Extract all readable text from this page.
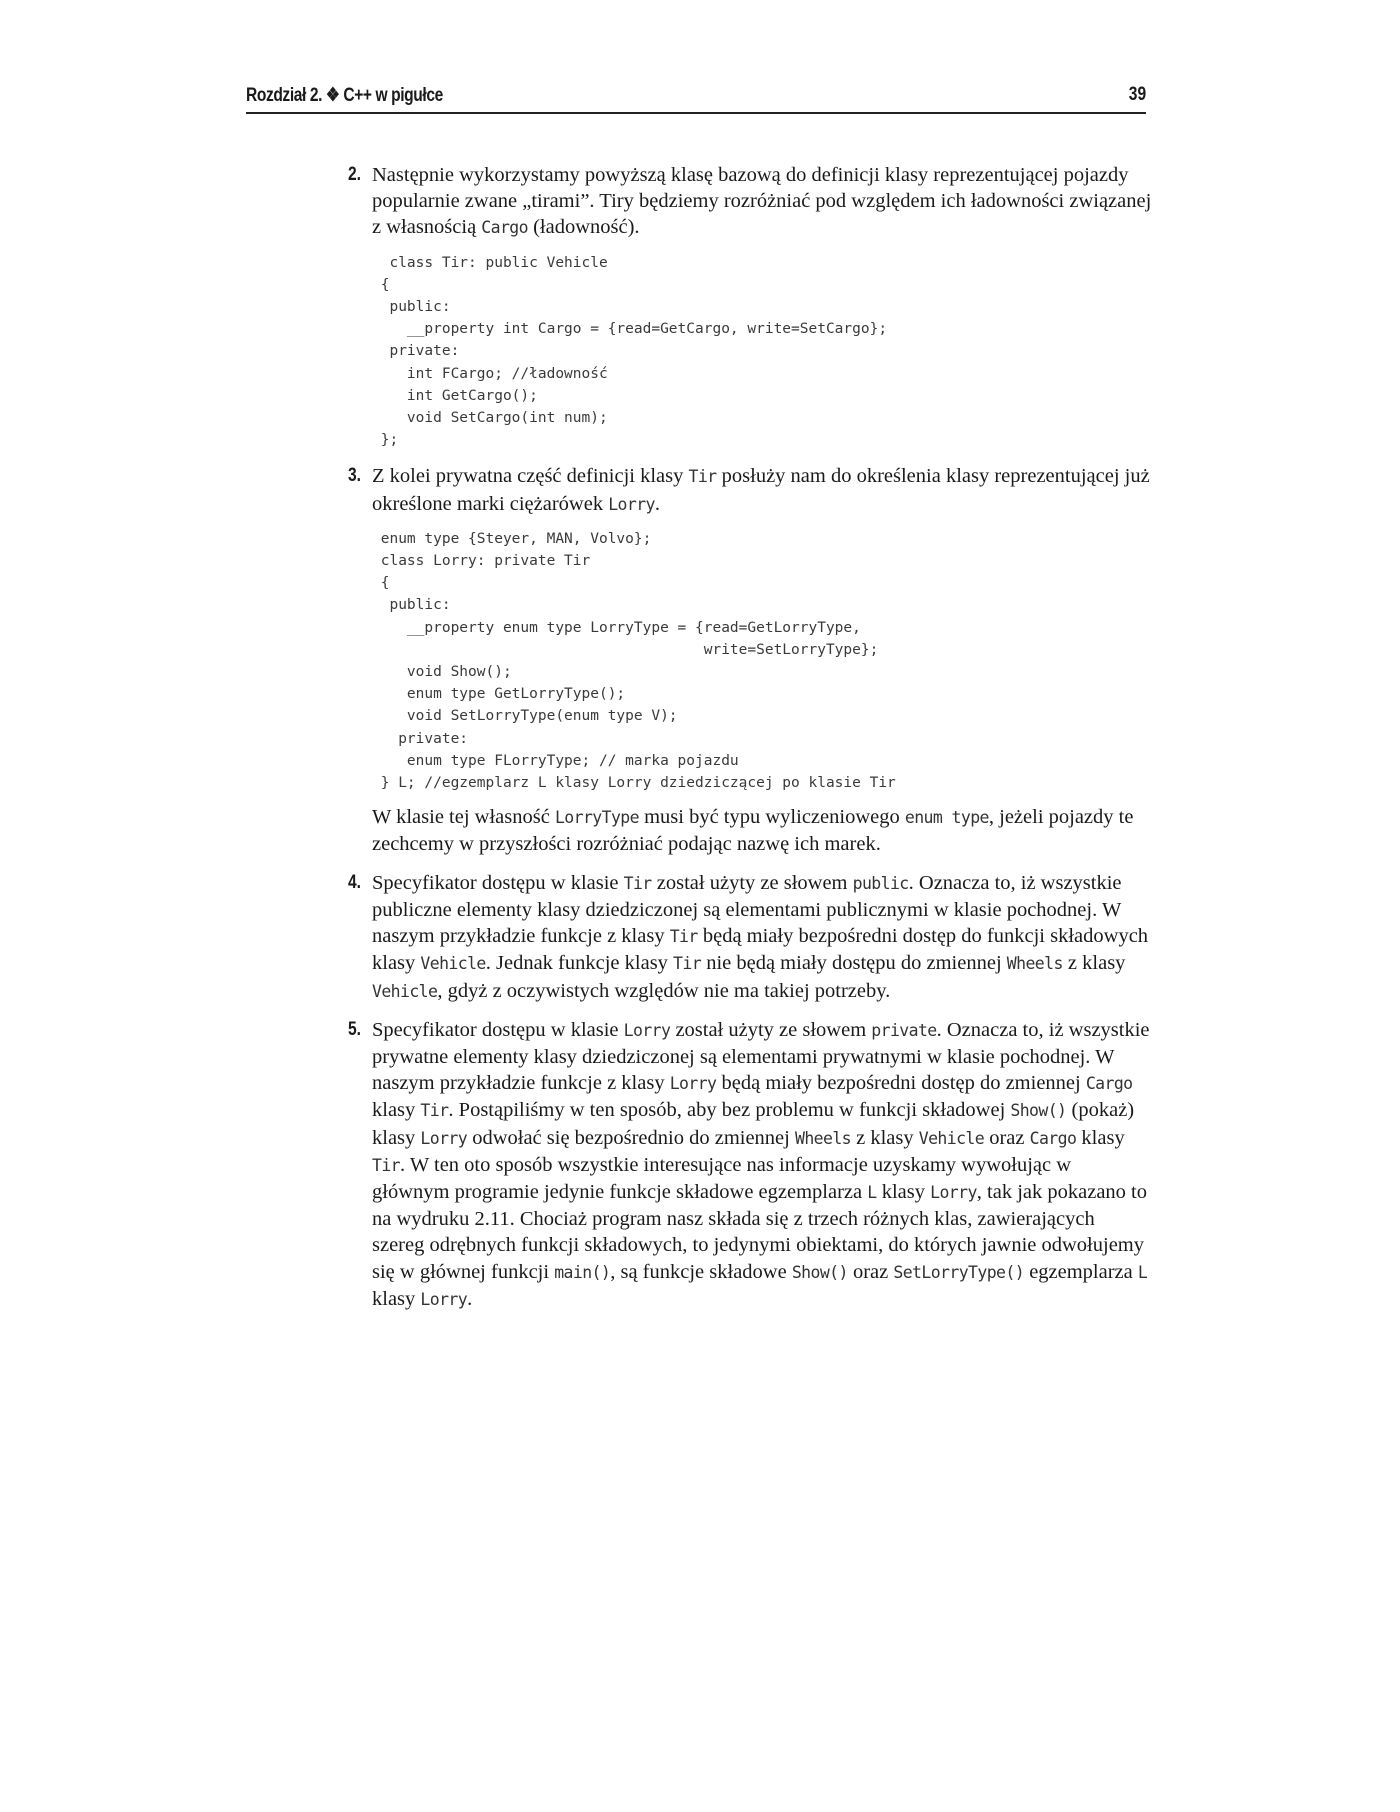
Rozdział 2. ❖ C++ w pigułce	39
2. Następnie wykorzystamy powyższą klasę bazową do definicji klasy reprezentującej pojazdy popularnie zwane „tirami”. Tiry będziemy rozróżniać pod względem ich ładowności związanej z własnością Cargo (ładowność).

class Tir: public Vehicle
{
public:
__property int Cargo = {read=GetCargo, write=SetCargo};
private:
int FCargo; //ładowność
int GetCargo();
void SetCargo(int num);
};
3. Z kolei prywatna część definicji klasy Tir posłuży nam do określenia klasy reprezentującej już określone marki ciężarówek Lorry.

enum type {Steyer, MAN, Volvo};
class Lorry: private Tir
{
public:
__property enum type LorryType = {read=GetLorryType,
write=SetLorryType};
void Show();
enum type GetLorryType();
void SetLorryType(enum type V);
private:
enum type FLorryType; // marka pojazdu
} L; //egzemplarz L klasy Lorry dziedziczącej po klasie Tir

W klasie tej własność LorryType musi być typu wyliczeniowego enum type, jeżeli pojazdy te zechcemy w przyszłości rozróżniać podając nazwę ich marek.

4. Specyfikator dostępu w klasie Tir został użyty ze słowem public. Oznacza to, iż wszystkie publiczne elementy klasy dziedziczonej są elementami publicznymi w klasie pochodnej. W naszym przykładzie funkcje z klasy Tir będą miały bezpośredni dostęp do funkcji składowych klasy Vehicle. Jednak funkcje klasy Tir nie będą miały dostępu do zmiennej Wheels z klasy Vehicle, gdyż z oczywistych względów nie ma takiej potrzeby.

5. Specyfikator dostępu w klasie Lorry został użyty ze słowem private. Oznacza to, iż wszystkie prywatne elementy klasy dziedziczonej są elementami prywatnymi w klasie pochodnej. W naszym przykładzie funkcje z klasy Lorry będą miały bezpośredni dostęp do zmiennej Cargo klasy Tir. Postąpiliśmy w ten sposób, aby bez problemu w funkcji składowej Show() (pokaż) klasy Lorry odwołać się bezpośrednio do zmiennej Wheels z klasy Vehicle oraz Cargo klasy Tir. W ten oto sposób wszystkie interesujące nas informacje uzyskamy wywołując w głównym programie jedynie funkcje składowe egzemplarza L klasy Lorry, tak jak pokazano to na wydruku 2.11. Chociaż program nasz składa się z trzech różnych klas, zawierających szereg odrębnych funkcji składowych, to jedynymi obiektami, do których jawnie odwołujemy się w głównej funkcji main(), są funkcje składowe Show() oraz SetLorryType() egzemplarza L klasy Lorry.
